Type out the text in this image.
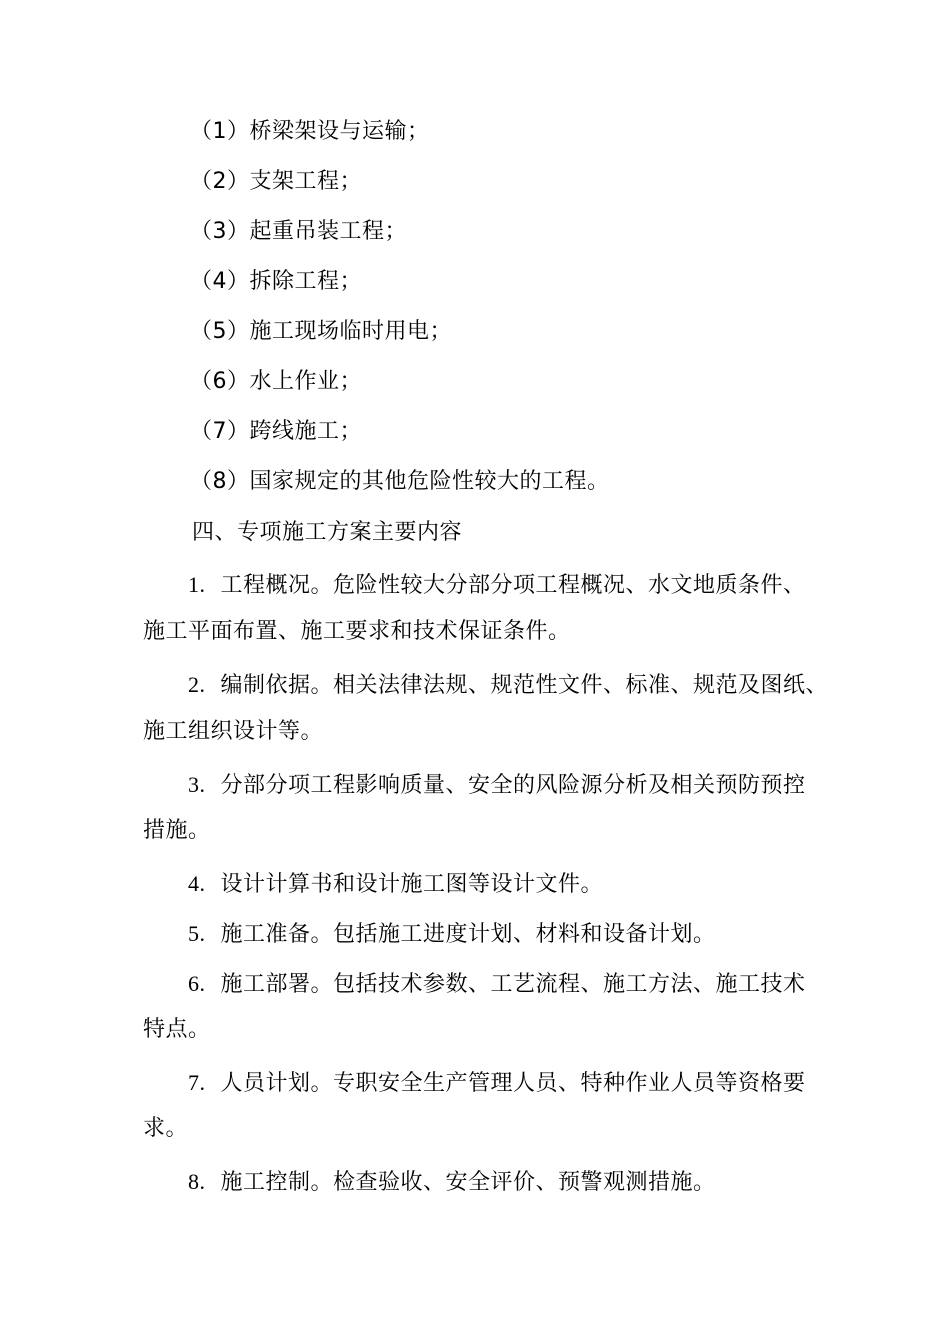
（1）桥梁架设与运输；
（2）支架工程；
（3）起重吊装工程；
（4）拆除工程；
（5）施工现场临时用电；
（6）水上作业；
（7）跨线施工；
（8）国家规定的其他危险性较大的工程。
四、专项施工方案主要内容
1. 工程概况。危险性较大分部分项工程概况、水文地质条件、
施工平面布置、施工要求和技术保证条件。
2. 编制依据。相关法律法规、规范性文件、标准、规范及图纸、
施工组织设计等。
3. 分部分项工程影响质量、安全的风险源分析及相关预防预控
措施。
4. 设计计算书和设计施工图等设计文件。
5. 施工准备。包括施工进度计划、材料和设备计划。
6. 施工部署。包括技术参数、工艺流程、施工方法、施工技术
特点。
7. 人员计划。专职安全生产管理人员、特种作业人员等资格要
求。
8. 施工控制。检查验收、安全评价、预警观测措施。
